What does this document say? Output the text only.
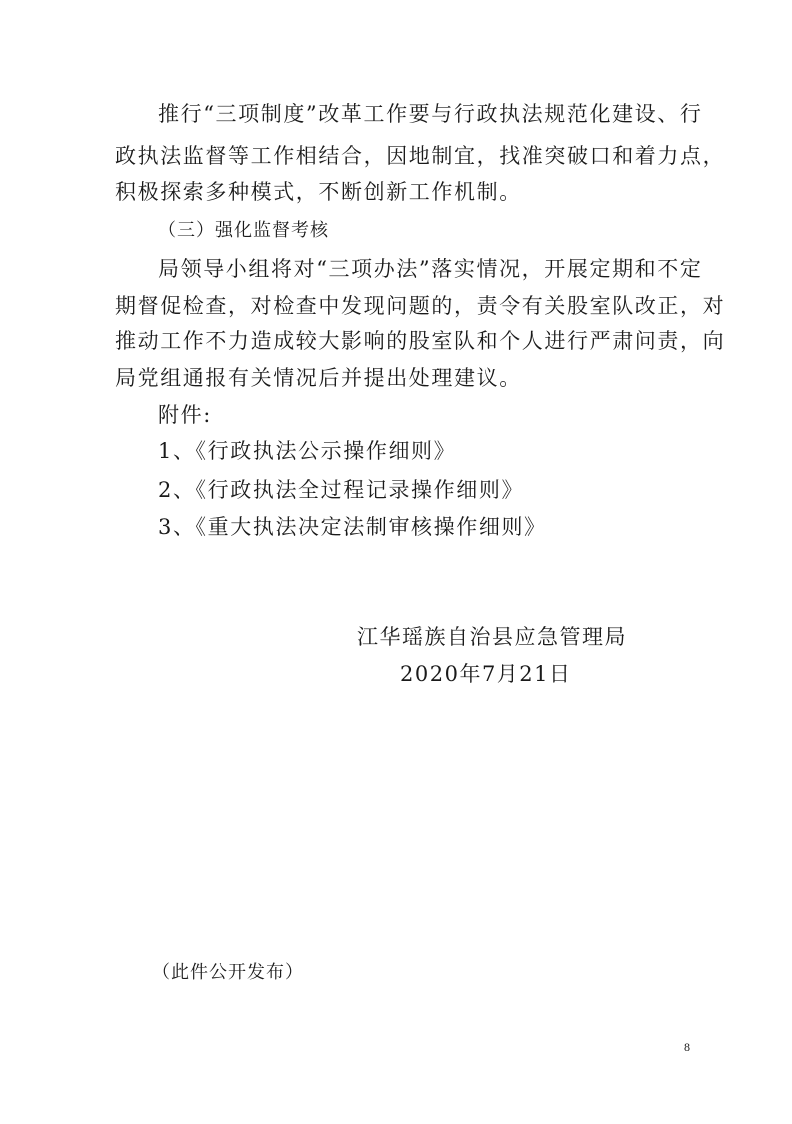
推行“三项制度”改革工作要与行政执法规范化建设、行
政执法监督等工作相结合，因地制宜，找准突破口和着力点，
积极探索多种模式，不断创新工作机制。
（三）强化监督考核
局领导小组将对“三项办法”落实情况，开展定期和不定
期督促检查，对检查中发现问题的，责令有关股室队改正，对
推动工作不力造成较大影响的股室队和个人进行严肃问责，向
局党组通报有关情况后并提出处理建议。
附件:
1、《行政执法公示操作细则》
2、《行政执法全过程记录操作细则》
3、《重大执法决定法制审核操作细则》
江华瑶族自治县应急管理局
2020年7月21日
（此件公开发布）
8
